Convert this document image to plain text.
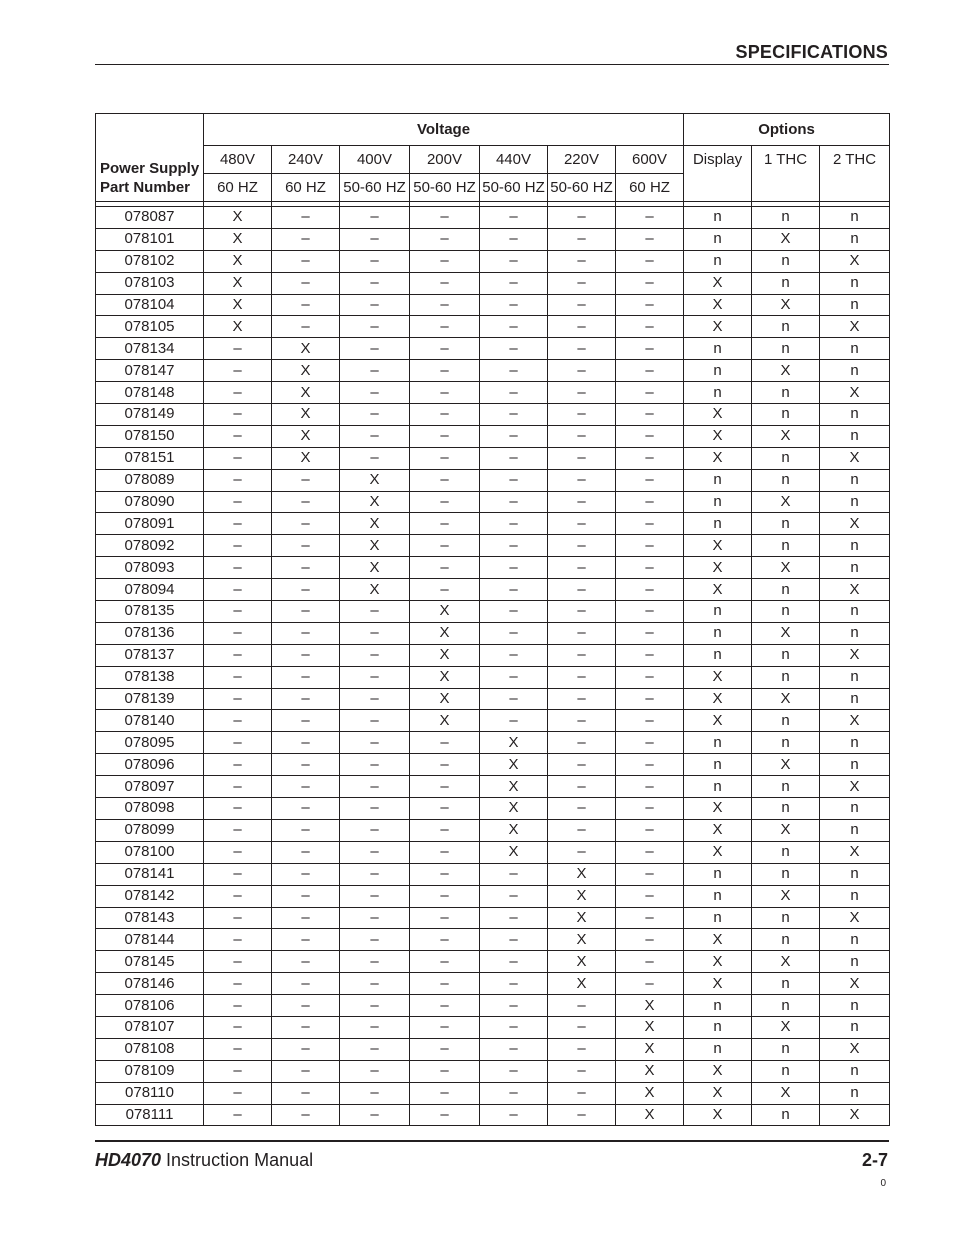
SPECIFICATIONS
	Voltage							Options		

Power Supply
Part Number	480V	240V	400V	200V	440V	220V	600V	Display	1 THC	2 THC
	60 HZ	60 HZ	50-60 HZ	50-60 HZ	50-60 HZ	50-60 HZ	60 HZ			

078087	X	–	–	–	–	–	–	n	n	n
078101	X	–	–	–	–	–	–	n	X	n
078102	X	–	–	–	–	–	–	n	n	X
078103	X	–	–	–	–	–	–	X	n	n
078104	X	–	–	–	–	–	–	X	X	n
078105	X	–	–	–	–	–	–	X	n	X
078134	–	X	–	–	–	–	–	n	n	n
078147	–	X	–	–	–	–	–	n	X	n
078148	–	X	–	–	–	–	–	n	n	X
078149	–	X	–	–	–	–	–	X	n	n
078150	–	X	–	–	–	–	–	X	X	n
078151	–	X	–	–	–	–	–	X	n	X
078089	–	–	X	–	–	–	–	n	n	n
078090	–	–	X	–	–	–	–	n	X	n
078091	–	–	X	–	–	–	–	n	n	X
078092	–	–	X	–	–	–	–	X	n	n
078093	–	–	X	–	–	–	–	X	X	n
078094	–	–	X	–	–	–	–	X	n	X
078135	–	–	–	X	–	–	–	n	n	n
078136	–	–	–	X	–	–	–	n	X	n
078137	–	–	–	X	–	–	–	n	n	X
078138	–	–	–	X	–	–	–	X	n	n
078139	–	–	–	X	–	–	–	X	X	n
078140	–	–	–	X	–	–	–	X	n	X
078095	–	–	–	–	X	–	–	n	n	n
078096	–	–	–	–	X	–	–	n	X	n
078097	–	–	–	–	X	–	–	n	n	X
078098	–	–	–	–	X	–	–	X	n	n
078099	–	–	–	–	X	–	–	X	X	n
078100	–	–	–	–	X	–	–	X	n	X
078141	–	–	–	–	–	X	–	n	n	n
078142	–	–	–	–	–	X	–	n	X	n
078143	–	–	–	–	–	X	–	n	n	X
078144	–	–	–	–	–	X	–	X	n	n
078145	–	–	–	–	–	X	–	X	X	n
078146	–	–	–	–	–	X	–	X	n	X
078106	–	–	–	–	–	–	X	n	n	n
078107	–	–	–	–	–	–	X	n	X	n
078108	–	–	–	–	–	–	X	n	n	X
078109	–	–	–	–	–	–	X	X	n	n
078110	–	–	–	–	–	–	X	X	X	n
078111	–	–	–	–	–	–	X	X	n	X
HD4070 Instruction Manual	2-7
0
